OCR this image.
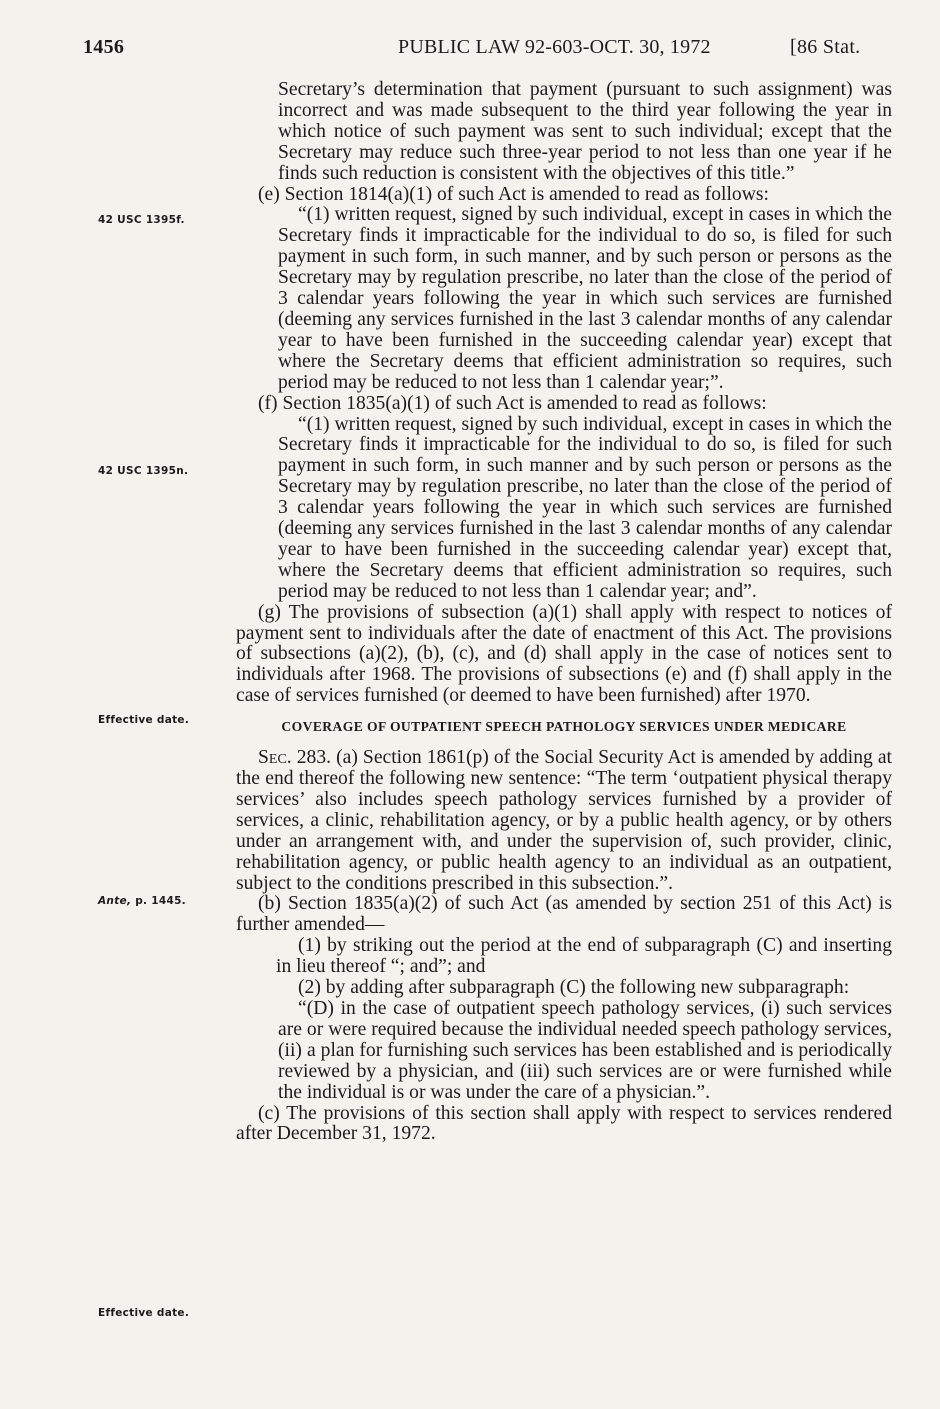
1456	PUBLIC LAW 92-603-OCT. 30, 1972	[86 Stat.
42 USC 1395f.
42 USC 1395n.
Effective date.
Ante, p. 1445.
Effective date.

Secretary’s determination that payment (pursuant to such assignment) was incorrect and was made subsequent to the third year following the year in which notice of such payment was sent to such individual; except that the Secretary may reduce such three-year period to not less than one year if he finds such reduction is consistent with the objectives of this title.”

(e) Section 1814(a)(1) of such Act is amended to read as follows:

“(1) written request, signed by such individual, except in cases in which the Secretary finds it impracticable for the individual to do so, is filed for such payment in such form, in such manner, and by such person or persons as the Secretary may by regulation prescribe, no later than the close of the period of 3 calendar years following the year in which such services are furnished (deeming any services furnished in the last 3 calendar months of any calendar year to have been furnished in the succeeding calendar year) except that where the Secretary deems that efficient administration so requires, such period may be reduced to not less than 1 calendar year;”.

(f) Section 1835(a)(1) of such Act is amended to read as follows:

“(1) written request, signed by such individual, except in cases in which the Secretary finds it impracticable for the individual to do so, is filed for such payment in such form, in such manner and by such person or persons as the Secretary may by regulation prescribe, no later than the close of the period of 3 calendar years following the year in which such services are furnished (deeming any services furnished in the last 3 calendar months of any calendar year to have been furnished in the succeeding calendar year) except that, where the Secretary deems that efficient administration so requires, such period may be reduced to not less than 1 calendar year; and”.

(g) The provisions of subsection (a)(1) shall apply with respect to notices of payment sent to individuals after the date of enactment of this Act. The provisions of subsections (a)(2), (b), (c), and (d) shall apply in the case of notices sent to individuals after 1968. The provisions of subsections (e) and (f) shall apply in the case of services furnished (or deemed to have been furnished) after 1970.

COVERAGE OF OUTPATIENT SPEECH PATHOLOGY SERVICES UNDER MEDICARE

Sec. 283. (a) Section 1861(p) of the Social Security Act is amended by adding at the end thereof the following new sentence: “The term ‘outpatient physical therapy services’ also includes speech pathology services furnished by a provider of services, a clinic, rehabilitation agency, or by a public health agency, or by others under an arrangement with, and under the supervision of, such provider, clinic, rehabilitation agency, or public health agency to an individual as an outpatient, subject to the conditions prescribed in this subsection.”.

(b) Section 1835(a)(2) of such Act (as amended by section 251 of this Act) is further amended—

(1) by striking out the period at the end of subparagraph (C) and inserting in lieu thereof “; and”; and

(2) by adding after subparagraph (C) the following new subparagraph:

“(D) in the case of outpatient speech pathology services, (i) such services are or were required because the individual needed speech pathology services, (ii) a plan for furnishing such services has been established and is periodically reviewed by a physician, and (iii) such services are or were furnished while the individual is or was under the care of a physician.”.

(c) The provisions of this section shall apply with respect to services rendered after December 31, 1972.
